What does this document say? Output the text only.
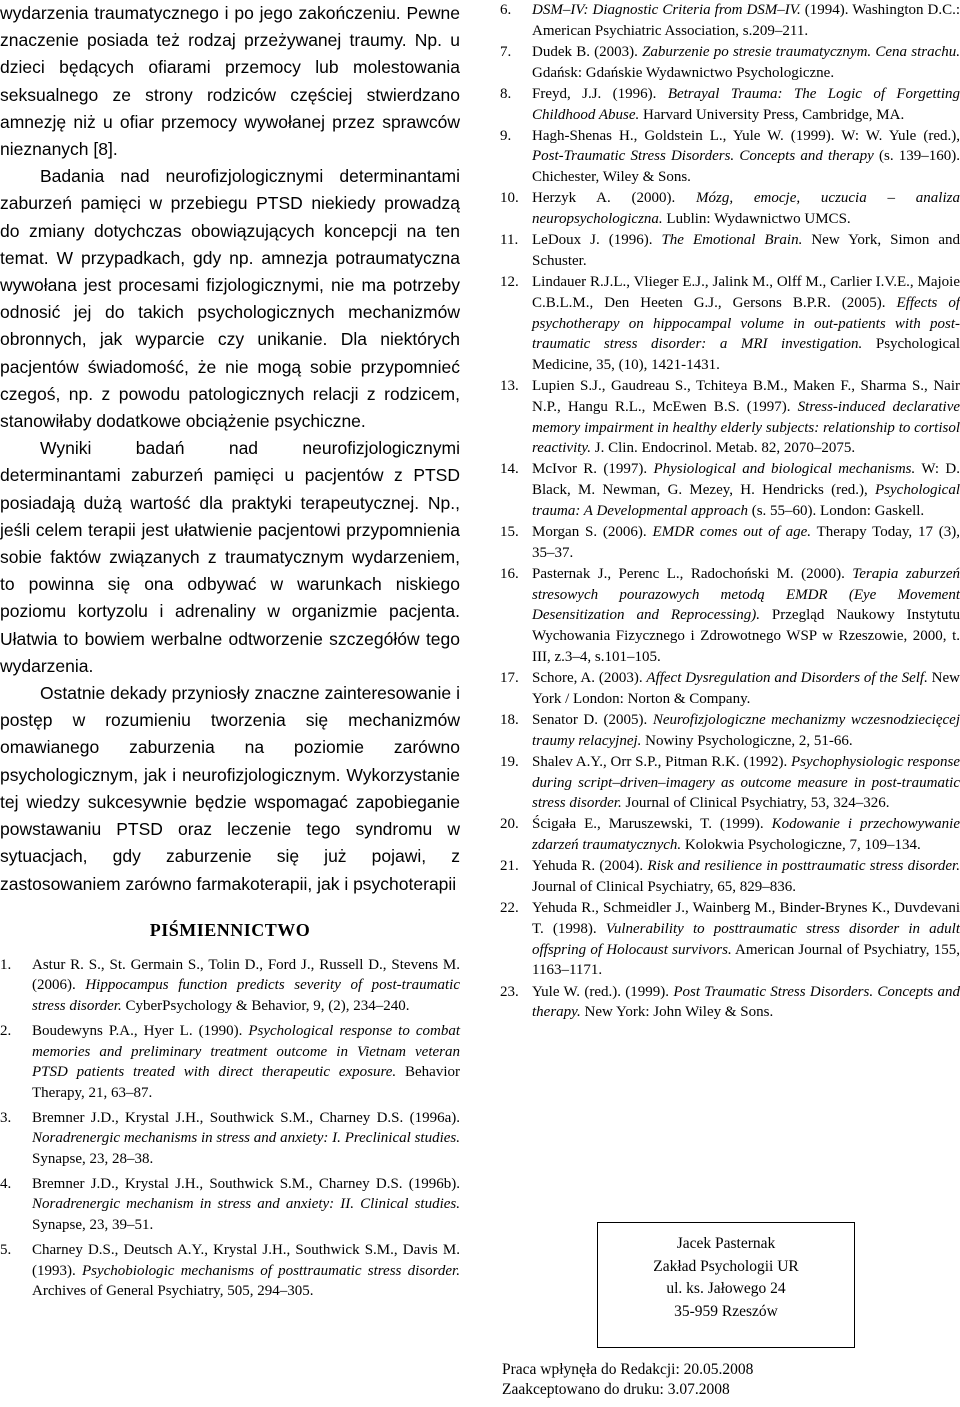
wydarzenia traumatycznego i po jego zakończeniu. Pewne znaczenie posiada też rodzaj przeżywanej traumy. Np. u dzieci będących ofiarami przemocy lub molestowania seksualnego ze strony rodziców częściej stwierdzano amnezję niż u ofiar przemocy wywołanej przez sprawców nieznanych [8].

Badania nad neurofizjologicznymi determinantami zaburzeń pamięci w przebiegu PTSD niekiedy prowadzą do zmiany dotychczas obowiązujących koncepcji na ten temat. W przypadkach, gdy np. amnezja potraumatyczna wywołana jest procesami fizjologicznymi, nie ma potrzeby odnosić jej do takich psychologicznych mechanizmów obronnych, jak wyparcie czy unikanie. Dla niektórych pacjentów świadomość, że nie mogą sobie przypomnieć czegoś, np. z powodu patologicznych relacji z rodzicem, stanowiłaby dodatkowe obciążenie psychiczne.

Wyniki badań nad neurofizjologicznymi determinantami zaburzeń pamięci u pacjentów z PTSD posiadają dużą wartość dla praktyki terapeutycznej. Np., jeśli celem terapii jest ułatwienie pacjentowi przypomnienia sobie faktów związanych z traumatycznym wydarzeniem, to powinna się ona odbywać w warunkach niskiego poziomu kortyzolu i adrenaliny w organizmie pacjenta. Ułatwia to bowiem werbalne odtworzenie szczegółów tego wydarzenia.

Ostatnie dekady przyniosły znaczne zainteresowanie i postęp w rozumieniu tworzenia się mechanizmów omawianego zaburzenia na poziomie zarówno psychologicznym, jak i neurofizjologicznym. Wykorzystanie tej wiedzy sukcesywnie będzie wspomagać zapobieganie powstawaniu PTSD oraz leczenie tego syndromu w sytuacjach, gdy zaburzenie się już pojawi, z zastosowaniem zarówno farmakoterapii, jak i psychoterapii

PIŚMIENNICTWO
1. Astur R. S., St. Germain S., Tolin D., Ford J., Russell D., Stevens M. (2006). Hippocampus function predicts severity of post-traumatic stress disorder. CyberPsychology & Behavior, 9, (2), 234–240.
2. Boudewyns P.A., Hyer L. (1990). Psychological response to combat memories and preliminary treatment outcome in Vietnam veteran PTSD patients treated with direct therapeutic exposure. Behavior Therapy, 21, 63–87.
3. Bremner J.D., Krystal J.H., Southwick S.M., Charney D.S. (1996a). Noradrenergic mechanisms in stress and anxiety: I. Preclinical studies. Synapse, 23, 28–38.
4. Bremner J.D., Krystal J.H., Southwick S.M., Charney D.S. (1996b). Noradrenergic mechanism in stress and anxiety: II. Clinical studies. Synapse, 23, 39–51.
5. Charney D.S., Deutsch A.Y., Krystal J.H., Southwick S.M., Davis M. (1993). Psychobiologic mechanisms of posttraumatic stress disorder. Archives of General Psychiatry, 505, 294–305.
6. DSM–IV: Diagnostic Criteria from DSM–IV. (1994). Washington D.C.: American Psychiatric Association, s.209–211.
7. Dudek B. (2003). Zaburzenie po stresie traumatycznym. Cena strachu. Gdańsk: Gdańskie Wydawnictwo Psychologiczne.
8. Freyd, J.J. (1996). Betrayal Trauma: The Logic of Forgetting Childhood Abuse. Harvard University Press, Cambridge, MA.
9. Hagh-Shenas H., Goldstein L., Yule W. (1999). W: W. Yule (red.), Post-Traumatic Stress Disorders. Concepts and therapy (s. 139–160). Chichester, Wiley & Sons.
10. Herzyk A. (2000). Mózg, emocje, uczucia – analiza neuropsychologiczna. Lublin: Wydawnictwo UMCS.
11. LeDoux J. (1996). The Emotional Brain. New York, Simon and Schuster.
12. Lindauer R.J.L., Vlieger E.J., Jalink M., Olff M., Carlier I.V.E., Majoie C.B.L.M., Den Heeten G.J., Gersons B.P.R. (2005). Effects of psychotherapy on hippocampal volume in out-patients with post-traumatic stress disorder: a MRI investigation. Psychological Medicine, 35, (10), 1421-1431.
13. Lupien S.J., Gaudreau S., Tchiteya B.M., Maken F., Sharma S., Nair N.P., Hangu R.L., McEwen B.S. (1997). Stress-induced declarative memory impairment in healthy elderly subjects: relationship to cortisol reactivity. J. Clin. Endocrinol. Metab. 82, 2070–2075.
14. McIvor R. (1997). Physiological and biological mechanisms. W: D. Black, M. Newman, G. Mezey, H. Hendricks (red.), Psychological trauma: A Developmental approach (s. 55–60). London: Gaskell.
15. Morgan S. (2006). EMDR comes out of age. Therapy Today, 17 (3), 35–37.
16. Pasternak J., Perenc L., Radochoński M. (2000). Terapia zaburzeń stresowych pourazowych metodą EMDR (Eye Movement Desensitization and Reprocessing). Przegląd Naukowy Instytutu Wychowania Fizycznego i Zdrowotnego WSP w Rzeszowie, 2000, t. III, z.3–4, s.101–105.
17. Schore, A. (2003). Affect Dysregulation and Disorders of the Self. New York / London: Norton & Company.
18. Senator D. (2005). Neurofizjologiczne mechanizmy wczesnodziecięcej traumy relacyjnej. Nowiny Psychologiczne, 2, 51-66.
19. Shalev A.Y., Orr S.P., Pitman R.K. (1992). Psychophysiologic response during script–driven–imagery as outcome measure in post-traumatic stress disorder. Journal of Clinical Psychiatry, 53, 324–326.
20. Ścigała E., Maruszewski, T. (1999). Kodowanie i przechowywanie zdarzeń traumatycznych. Kolokwia Psychologiczne, 7, 109–134.
21. Yehuda R. (2004). Risk and resilience in posttraumatic stress disorder. Journal of Clinical Psychiatry, 65, 829–836.
22. Yehuda R., Schmeidler J., Wainberg M., Binder-Brynes K., Duvdevani T. (1998). Vulnerability to posttraumatic stress disorder in adult offspring of Holocaust survivors. American Journal of Psychiatry, 155, 1163–1171.
23. Yule W. (red.). (1999). Post Traumatic Stress Disorders. Concepts and therapy. New York: John Wiley & Sons.
Jacek Pasternak
Zakład Psychologii UR
ul. ks. Jałowego 24
35-959 Rzeszów
Praca wpłynęła do Redakcji: 20.05.2008
Zaakceptowano do druku: 3.07.2008
